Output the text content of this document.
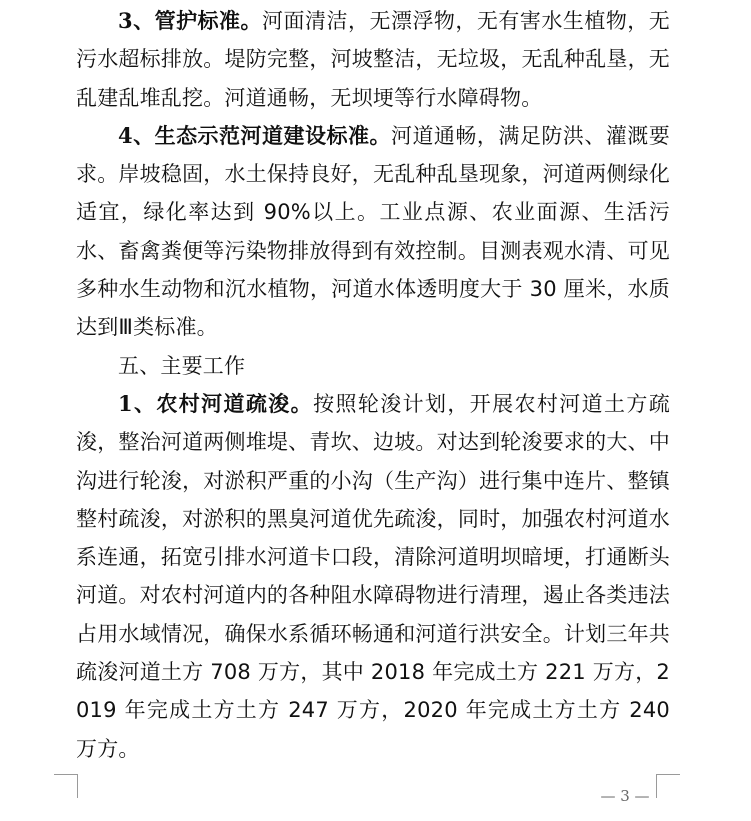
3、管护标准。河面清洁，无漂浮物，无有害水生植物，无污水超标排放。堤防完整，河坡整洁，无垃圾，无乱种乱垦，无乱建乱堆乱挖。河道通畅，无坝埂等行水障碍物。

4、生态示范河道建设标准。河道通畅，满足防洪、灌溉要求。岸坡稳固，水土保持良好，无乱种乱垦现象，河道两侧绿化适宜，绿化率达到 90%以上。工业点源、农业面源、生活污水、畜禽粪便等污染物排放得到有效控制。目测表观水清、可见多种水生动物和沉水植物，河道水体透明度大于 30 厘米，水质达到Ⅲ类标准。

五、主要工作

1、农村河道疏浚。按照轮浚计划，开展农村河道土方疏浚，整治河道两侧堆堤、青坎、边坡。对达到轮浚要求的大、中沟进行轮浚，对淤积严重的小沟（生产沟）进行集中连片、整镇整村疏浚，对淤积的黑臭河道优先疏浚，同时，加强农村河道水系连通，拓宽引排水河道卡口段，清除河道明坝暗埂，打通断头河道。对农村河道内的各种阻水障碍物进行清理，遏止各类违法占用水域情况，确保水系循环畅通和河道行洪安全。计划三年共疏浚河道土方 708 万方，其中 2018 年完成土方 221 万方，2019 年完成土方土方 247 万方，2020 年完成土方土方 240 万方。

— 3 —
